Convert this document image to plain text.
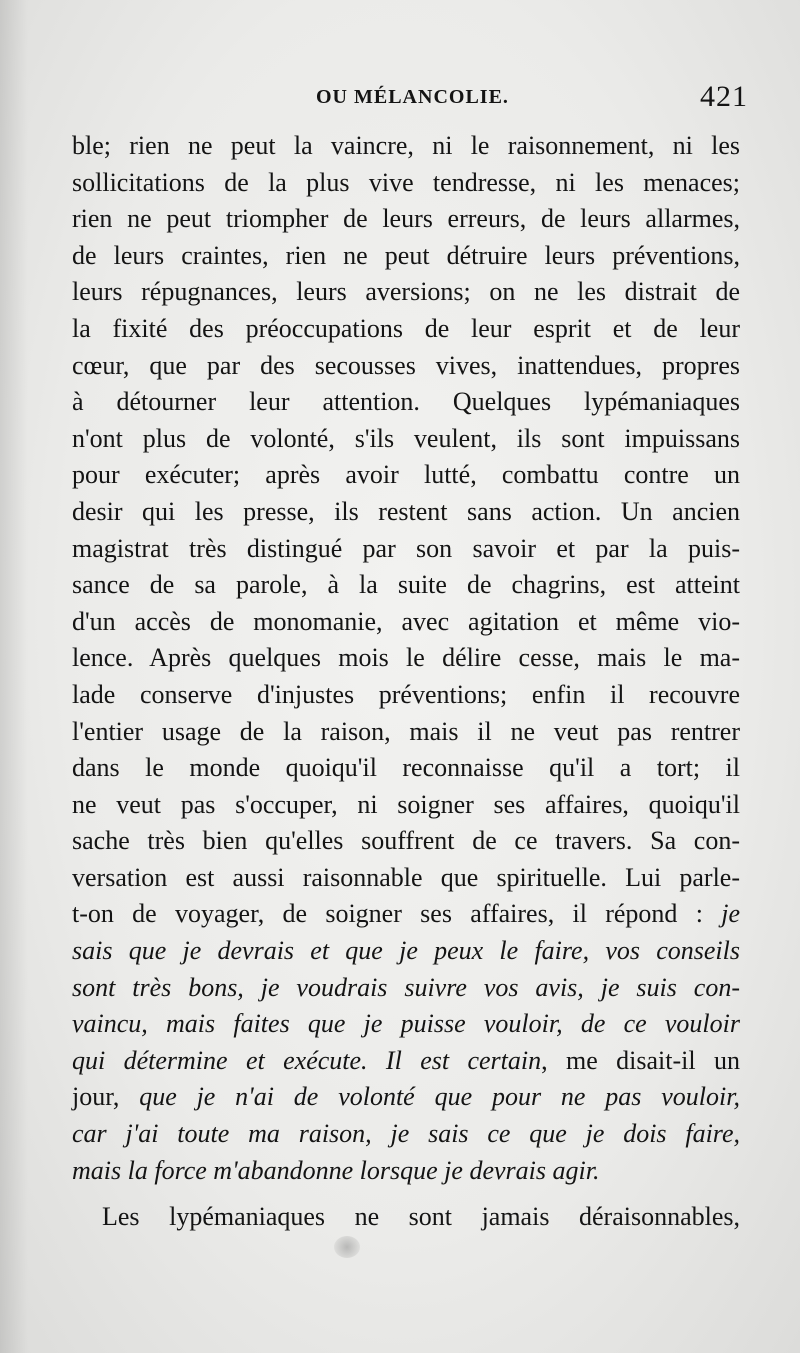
OU MÉLANCOLIE.	421
ble; rien ne peut la vaincre, ni le raisonnement, ni les
sollicitations de la plus vive tendresse, ni les menaces;
rien ne peut triompher de leurs erreurs, de leurs allarmes,
de leurs craintes, rien ne peut détruire leurs préventions,
leurs répugnances, leurs aversions; on ne les distrait de
la fixité des préoccupations de leur esprit et de leur
cœur, que par des secousses vives, inattendues, propres
à détourner leur attention. Quelques lypémaniaques
n'ont plus de volonté, s'ils veulent, ils sont impuissans
pour exécuter; après avoir lutté, combattu contre un
desir qui les presse, ils restent sans action. Un ancien
magistrat très distingué par son savoir et par la puis-
sance de sa parole, à la suite de chagrins, est atteint
d'un accès de monomanie, avec agitation et même vio-
lence. Après quelques mois le délire cesse, mais le ma-
lade conserve d'injustes préventions; enfin il recouvre
l'entier usage de la raison, mais il ne veut pas rentrer
dans le monde quoiqu'il reconnaisse qu'il a tort; il
ne veut pas s'occuper, ni soigner ses affaires, quoiqu'il
sache très bien qu'elles souffrent de ce travers. Sa con-
versation est aussi raisonnable que spirituelle. Lui parle-
t-on de voyager, de soigner ses affaires, il répond : je
sais que je devrais et que je peux le faire, vos conseils
sont très bons, je voudrais suivre vos avis, je suis con-
vaincu, mais faites que je puisse vouloir, de ce vouloir
qui détermine et exécute. Il est certain, me disait-il un
jour, que je n'ai de volonté que pour ne pas vouloir,
car j'ai toute ma raison, je sais ce que je dois faire,
mais la force m'abandonne lorsque je devrais agir.
Les lypémaniaques ne sont jamais déraisonnables,
